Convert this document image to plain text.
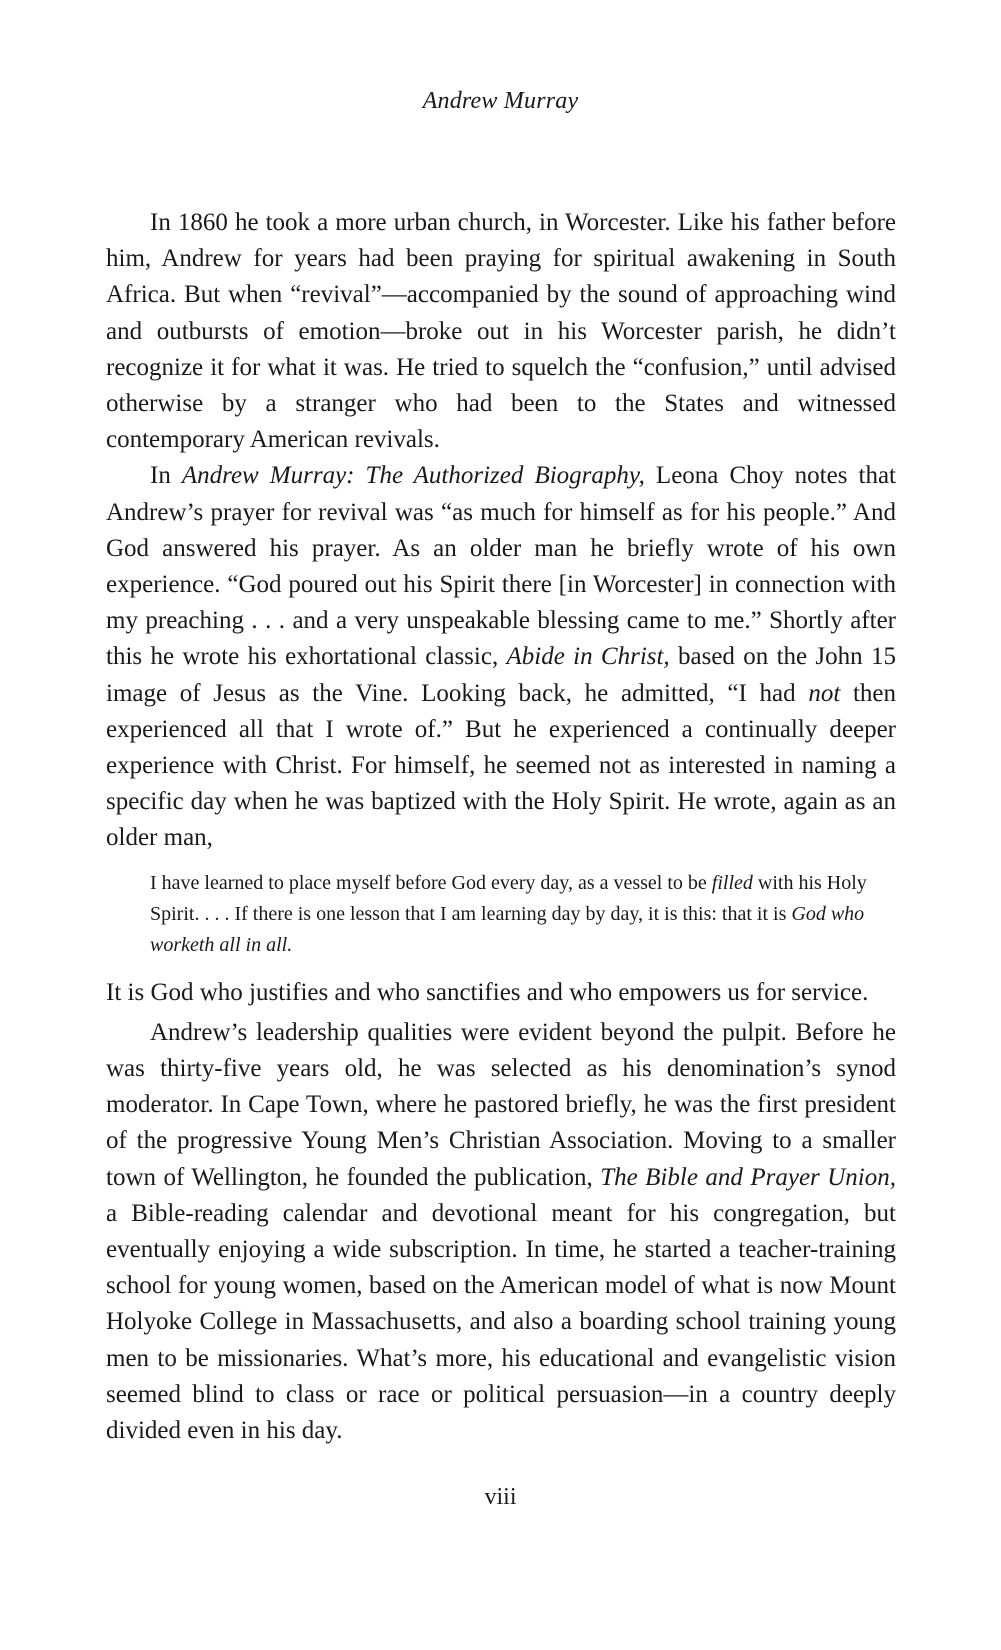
Andrew Murray

In 1860 he took a more urban church, in Worcester. Like his father before him, Andrew for years had been praying for spiritual awakening in South Africa. But when “revival”—accompanied by the sound of approaching wind and outbursts of emotion—broke out in his Worcester parish, he didn’t recognize it for what it was. He tried to squelch the “confusion,” until advised otherwise by a stranger who had been to the States and witnessed contemporary American revivals.

In Andrew Murray: The Authorized Biography, Leona Choy notes that Andrew’s prayer for revival was “as much for himself as for his people.” And God answered his prayer. As an older man he briefly wrote of his own experience. “God poured out his Spirit there [in Worcester] in connection with my preaching . . . and a very unspeakable blessing came to me.” Shortly after this he wrote his exhortational classic, Abide in Christ, based on the John 15 image of Jesus as the Vine. Looking back, he admitted, “I had not then experienced all that I wrote of.” But he experienced a continually deeper experience with Christ. For himself, he seemed not as interested in naming a specific day when he was baptized with the Holy Spirit. He wrote, again as an older man,

I have learned to place myself before God every day, as a vessel to be filled with his Holy Spirit. . . . If there is one lesson that I am learning day by day, it is this: that it is God who worketh all in all.

It is God who justifies and who sanctifies and who empowers us for service.

Andrew’s leadership qualities were evident beyond the pulpit. Before he was thirty-five years old, he was selected as his denomination’s synod moderator. In Cape Town, where he pastored briefly, he was the first president of the progressive Young Men’s Christian Association. Moving to a smaller town of Wellington, he founded the publication, The Bible and Prayer Union, a Bible-reading calendar and devotional meant for his congregation, but eventually enjoying a wide subscription. In time, he started a teacher-training school for young women, based on the American model of what is now Mount Holyoke College in Massachusetts, and also a boarding school training young men to be missionaries. What’s more, his educational and evangelistic vision seemed blind to class or race or political persuasion—in a country deeply divided even in his day.

viii
